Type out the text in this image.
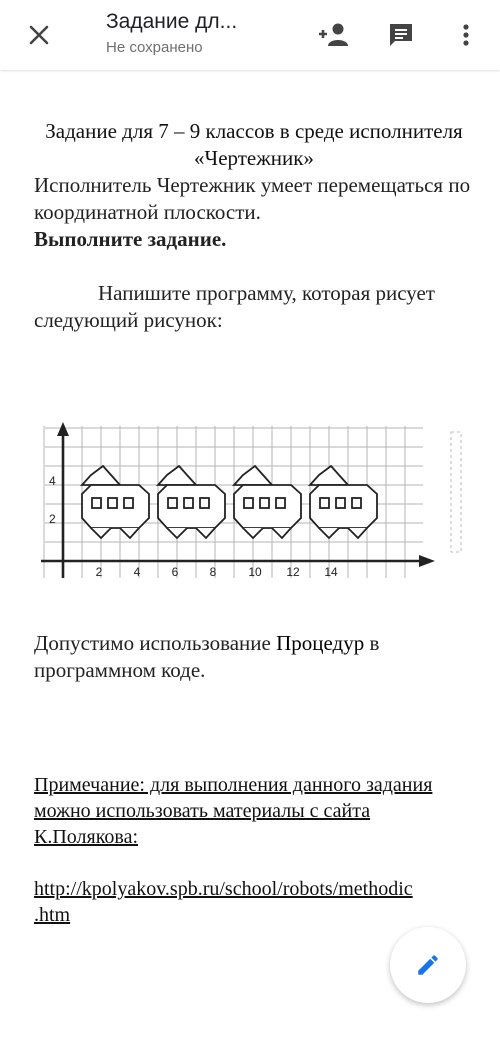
Задание дл...
Не сохранено
Задание для 7 – 9 классов в среде исполнителя «Чертежник»

Исполнитель Чертежник умеет перемещаться по координатной плоскости.

Выполните задание.

Напишите программу, которая рисует следующий рисунок:

4
2
2	4	6	8	10 12 14

Допустимо использование Процедур в программном коде.

Примечание: для выполнения данного задания можно использовать материалы с сайта К.Полякова:
http://kpolyakov.spb.ru/school/robots/methodic
.htm
